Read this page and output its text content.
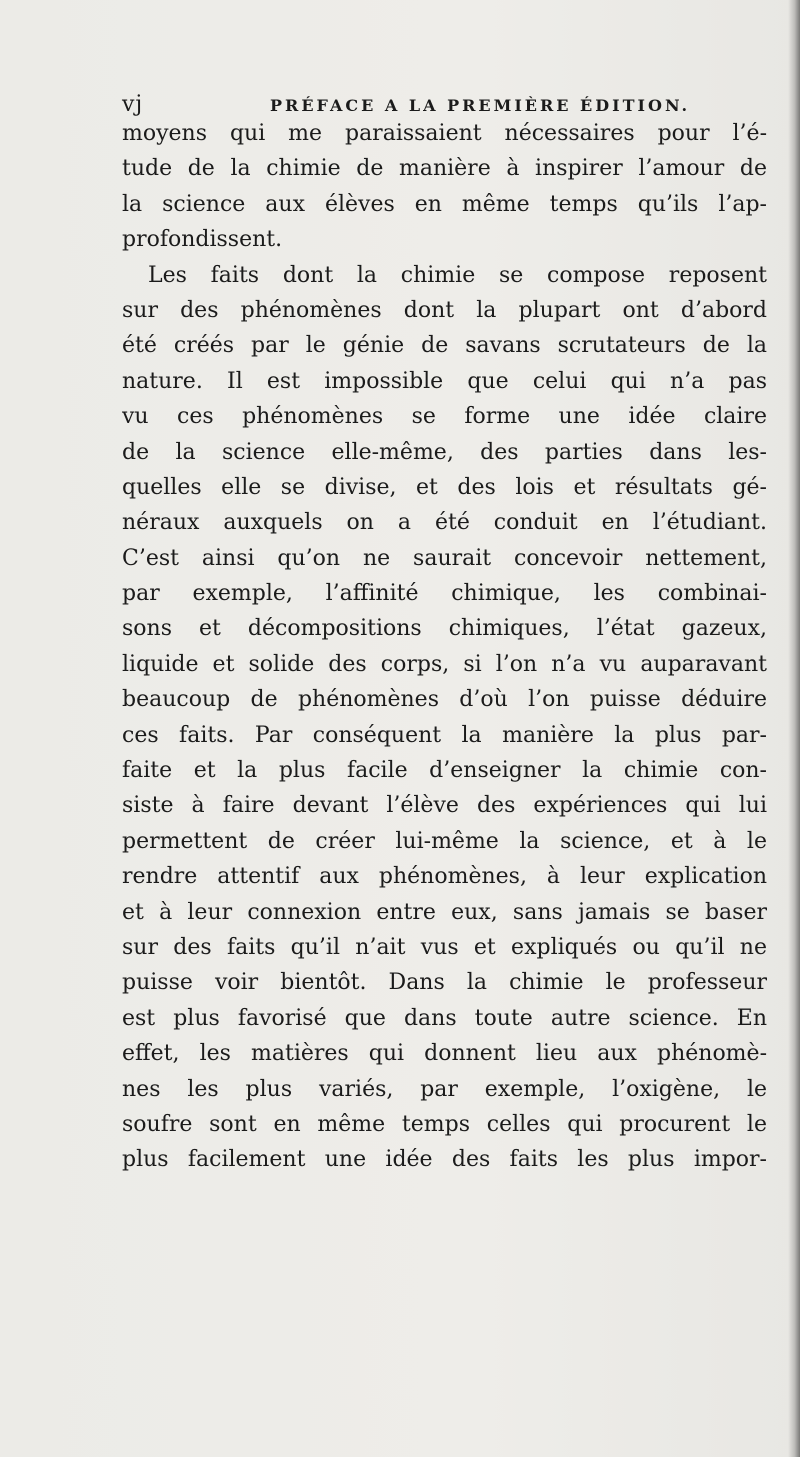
vj	PRÉFACE A LA PREMIÈRE ÉDITION.
moyens qui me paraissaient nécessaires pour l’é-
tude de la chimie de manière à inspirer l’amour de
la science aux élèves en même temps qu’ils l’ap-
profondissent.
Les faits dont la chimie se compose reposent
sur des phénomènes dont la plupart ont d’abord
été créés par le génie de savans scrutateurs de la
nature. Il est impossible que celui qui n’a pas
vu ces phénomènes se forme une idée claire
de la science elle-même, des parties dans les-
quelles elle se divise, et des lois et résultats gé-
néraux auxquels on a été conduit en l’étudiant.
C’est ainsi qu’on ne saurait concevoir nettement,
par exemple, l’affinité chimique, les combinai-
sons et décompositions chimiques, l’état gazeux,
liquide et solide des corps, si l’on n’a vu auparavant
beaucoup de phénomènes d’où l’on puisse déduire
ces faits. Par conséquent la manière la plus par-
faite et la plus facile d’enseigner la chimie con-
siste à faire devant l’élève des expériences qui lui
permettent de créer lui-même la science, et à le
rendre attentif aux phénomènes, à leur explication
et à leur connexion entre eux, sans jamais se baser
sur des faits qu’il n’ait vus et expliqués ou qu’il ne
puisse voir bientôt. Dans la chimie le professeur
est plus favorisé que dans toute autre science. En
effet, les matières qui donnent lieu aux phénomè-
nes les plus variés, par exemple, l’oxigène, le
soufre sont en même temps celles qui procurent le
plus facilement une idée des faits les plus impor-
